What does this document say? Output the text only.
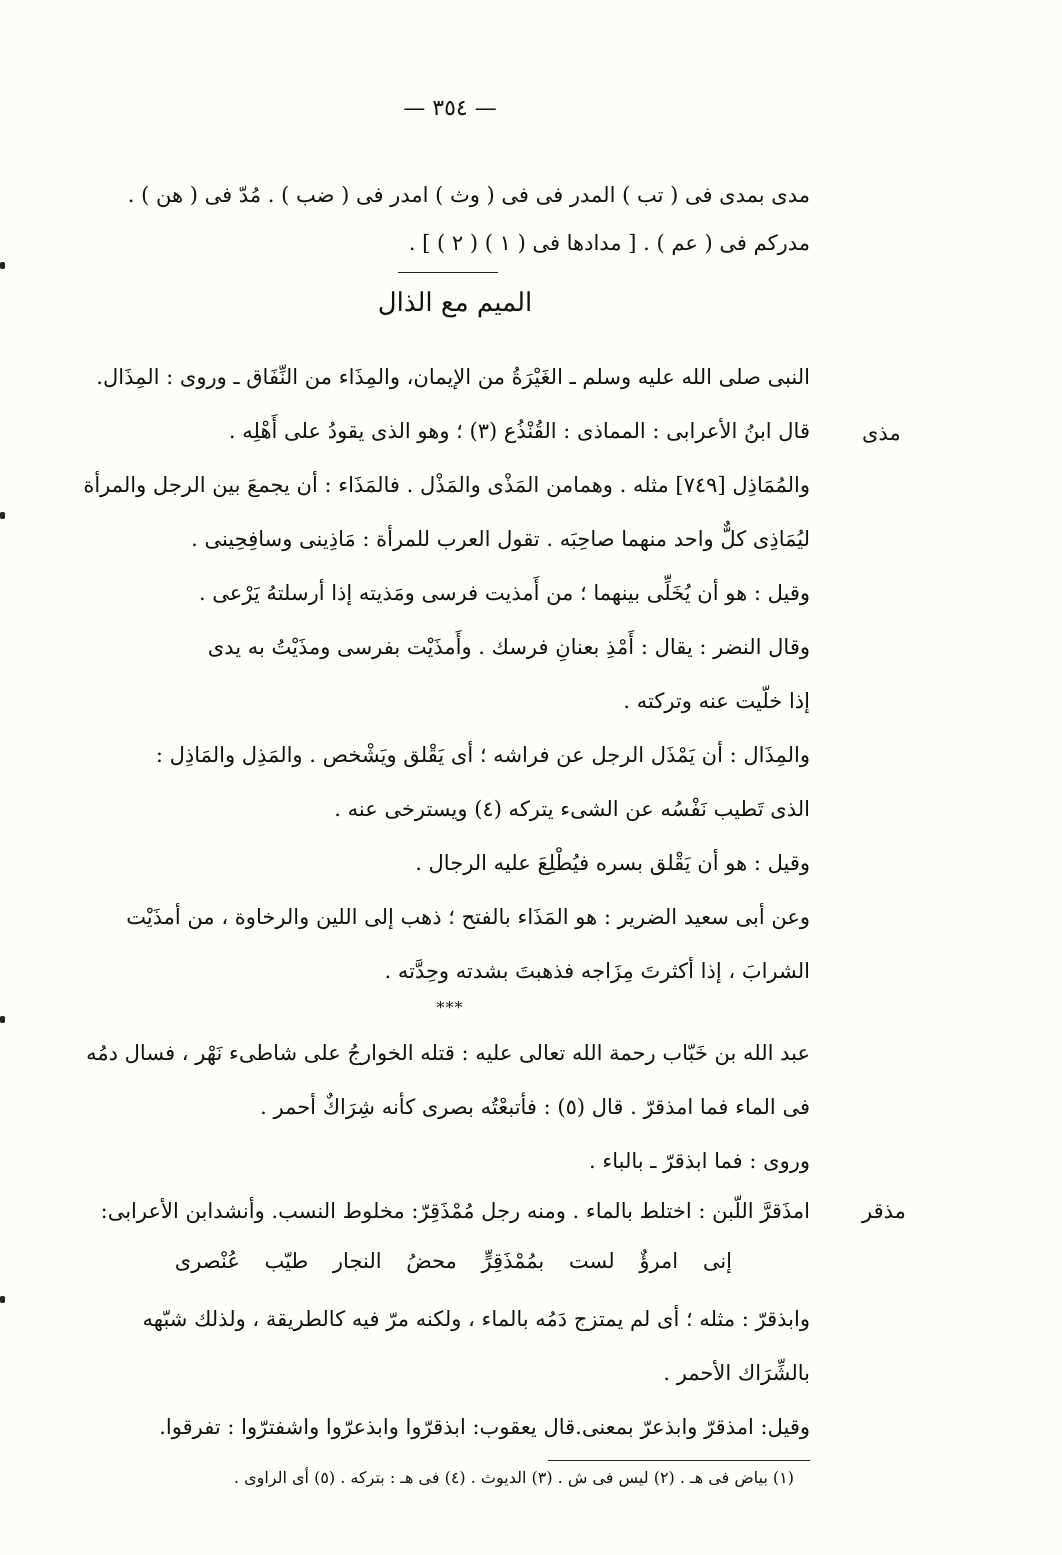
— ٣٥٤ —
مدى بمدى فى ( تب ) المدر فى فى ( وث ) امدر فى ( ضب ) . مُدّ فى ( هن ) .
مدركم فى ( عم ) . [ مدادها فى ( ١ ) ( ٢ ) ] .
الميم مع الذال
مذى
مذقر
النبى صلى الله عليه وسلم ـ الغَيْرَةُ من الإيمان، والمِذَاء من النِّفَاق ـ وروى : المِذَال.
قال ابنُ الأعرابى : المماذى : القُنْذُع (٣) ؛ وهو الذى يقودُ على أَهْلِه .
والمُمَاذِل [٧٤٩] مثله . وهمامن المَذْى والمَذْل . فالمَذَاء : أن يجمعَ بين الرجل والمرأة
ليُمَاذِى كلٌّ واحد منهما صاحِبَه . تقول العرب للمرأة : مَاذِينى وسافِحِينى .
وقيل : هو أن يُخَلِّى بينهما ؛ من أَمذيت فرسى ومَذيته إذا أرسلتهُ يَرْعى .
وقال النضر : يقال : أَمْذِ بعنانِ فرسك . وأَمذَيْت بفرسى ومذَيْتُ به يدى
إذا خلّيت عنه وتركته .
والمِذَال : أن يَمْذَل الرجل عن فراشه ؛ أى يَقْلق ويَشْخص . والمَذِل والمَاذِل :
الذى تَطيب نَفْسُه عن الشىء يتركه (٤) ويسترخى عنه .
وقيل : هو أن يَقْلق بسره فيُطْلِعَ عليه الرجال .
وعن أبى سعيد الضرير : هو المَذَاء بالفتح ؛ ذهب إلى اللين والرخاوة ، من أمذَيْت
الشرابَ ، إذا أكثرتَ مِزَاجه فذهبتَ بشدته وحِدَّته .
***
عبد الله بن خَبّاب رحمة الله تعالى عليه : قتله الخوارجُ على شاطىء نَهْر ، فسال دمُه
فى الماء فما امذقرّ . قال (٥) : فأتبعْتُه بصرى كأنه شِرَاكٌ أحمر .
وروى : فما ابذقرّ ـ بالباء .
امذَقرَّ اللّبن : اختلط بالماء . ومنه رجل مُمْذَقِرّ: مخلوط النسب. وأنشدابن الأعرابى:
إنى امرؤٌ لست بمُمْذَقِرٍّ محضُ النجار طيّب عُنْصرى
وابذقرّ : مثله ؛ أى لم يمتزج دَمُه بالماء ، ولكنه مرّ فيه كالطريقة ، ولذلك شبّهه
بالشِّرَاك الأحمر .
وقيل: امذقرّ وابذعرّ بمعنى.قال يعقوب: ابذقرّوا وابذعرّوا واشفترّوا : تفرقوا.
(١) بياض فى هـ . (٢) ليس فى ش . (٣) الديوث . (٤) فى هـ : بتركه . (٥) أى الراوى .
